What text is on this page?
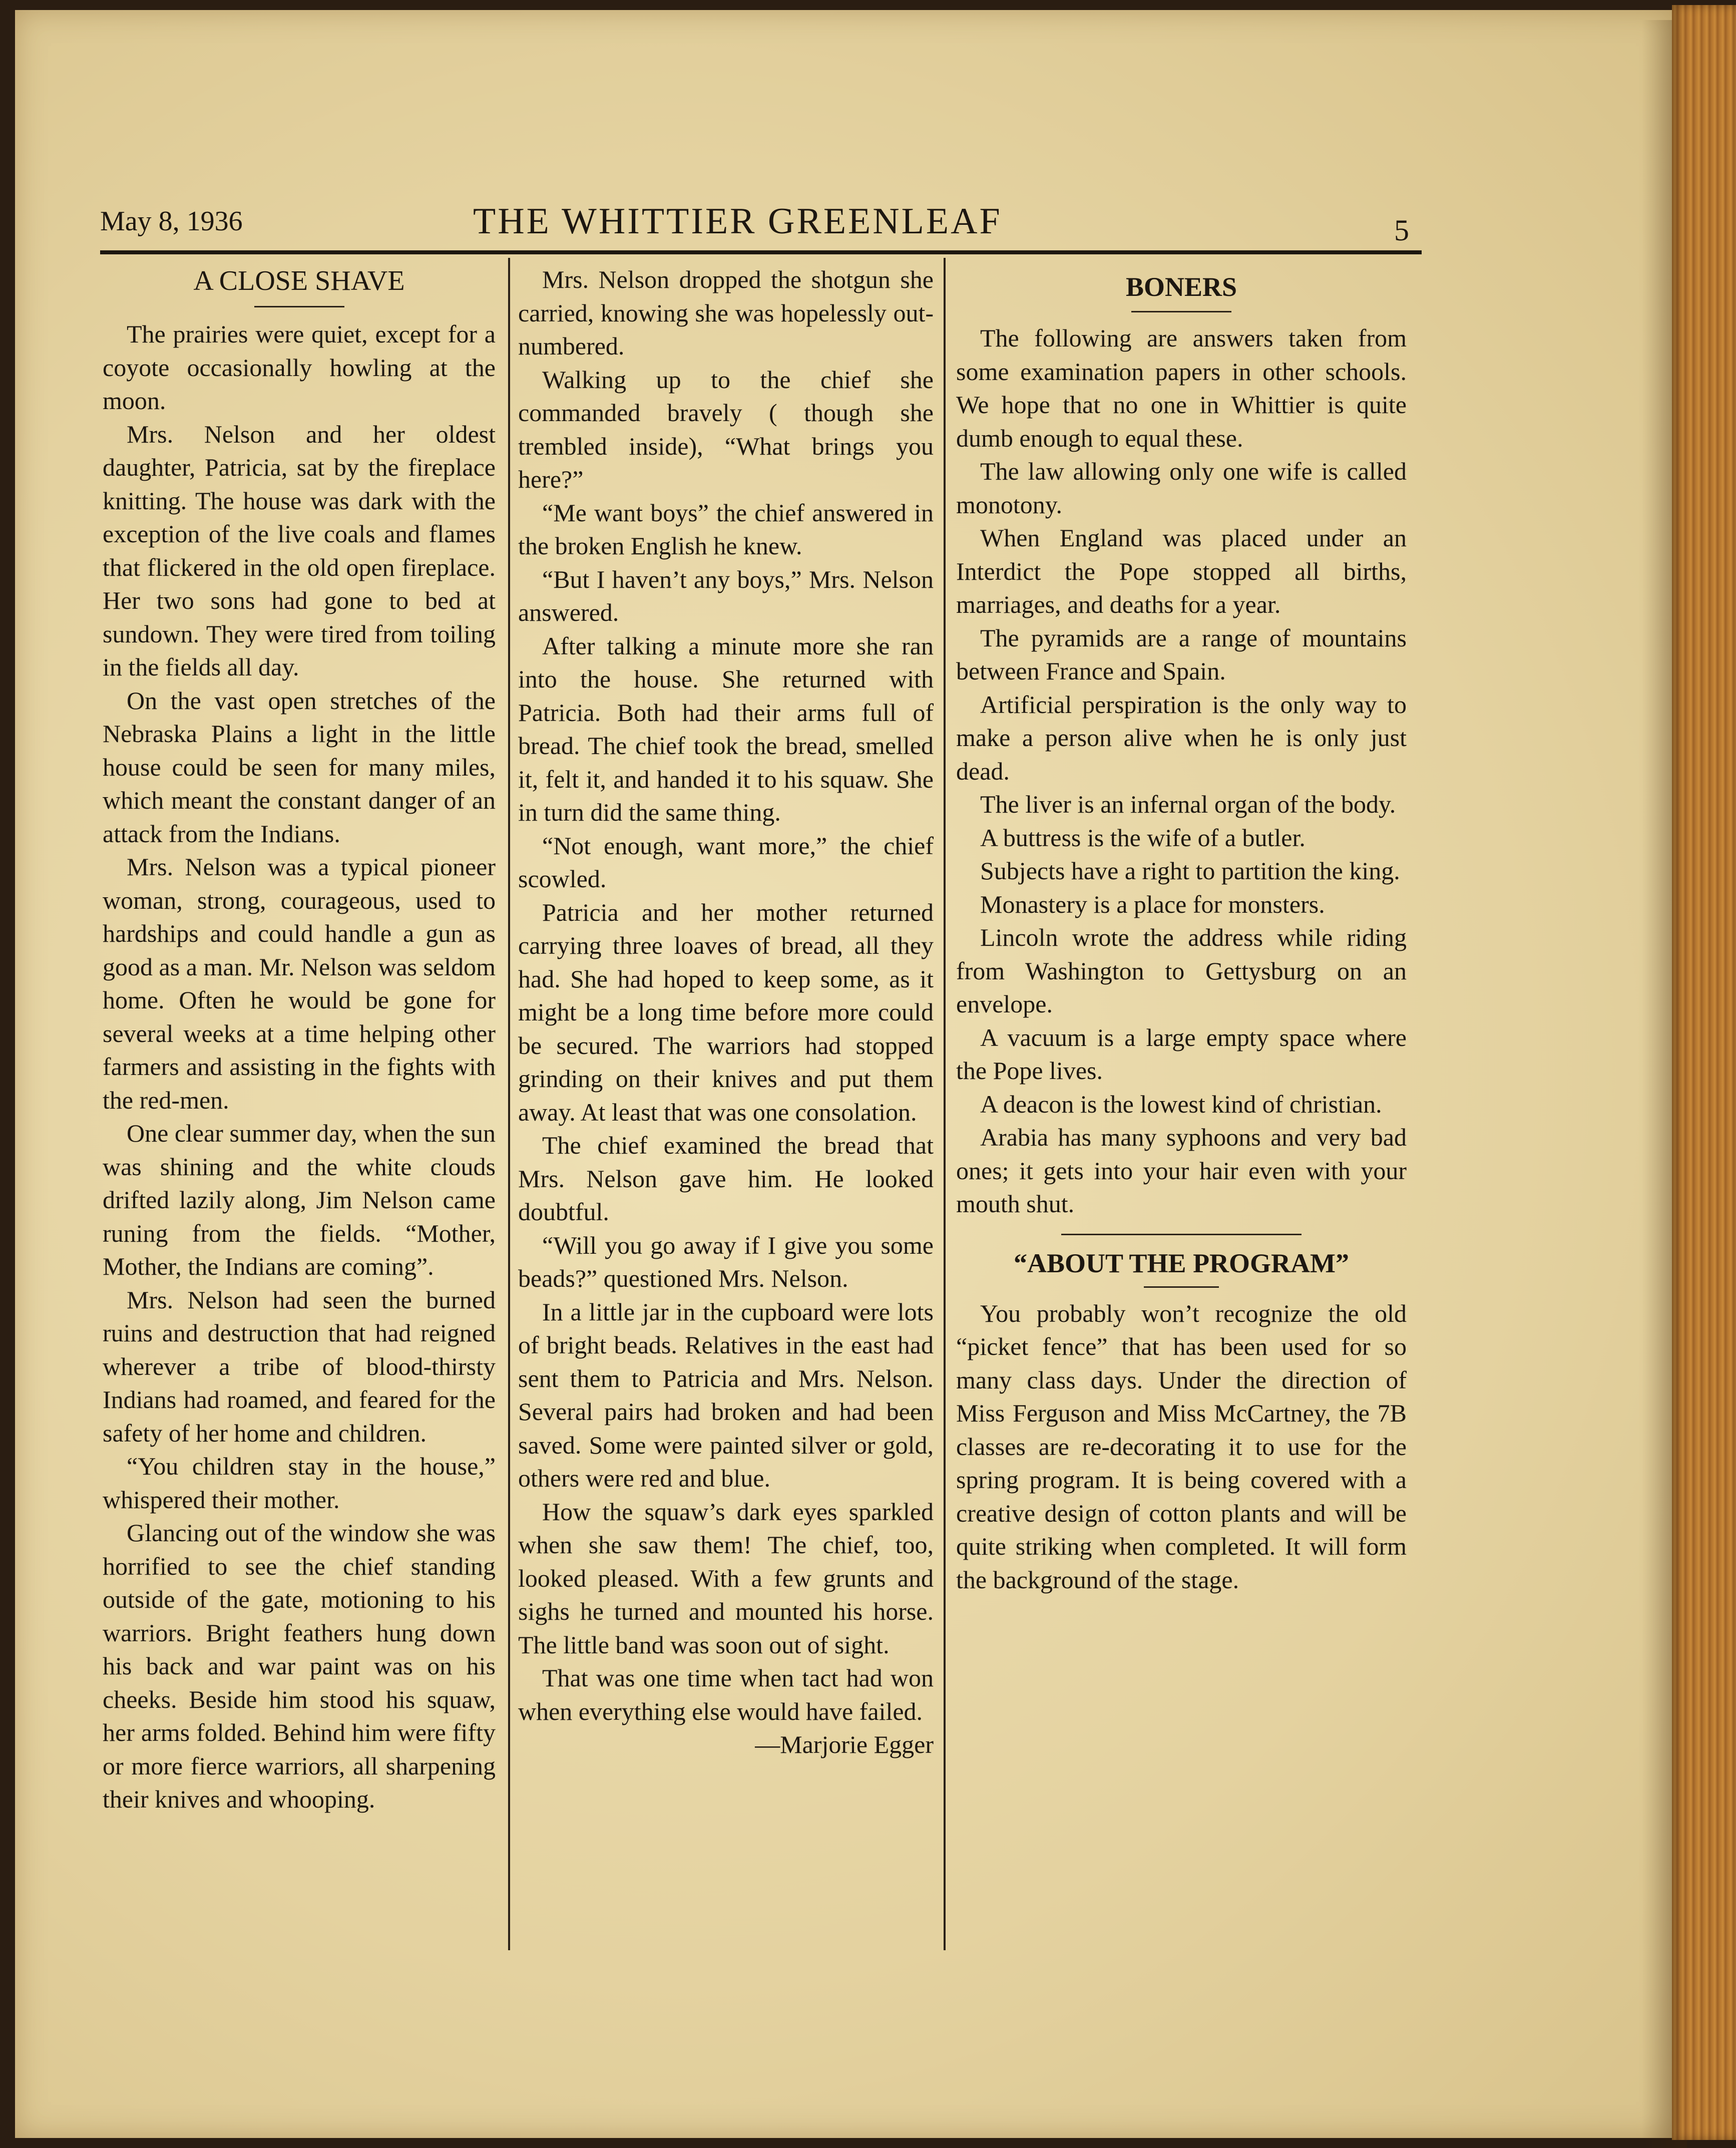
May 8, 1936	THE WHITTIER GREENLEAF	5
A CLOSE SHAVE

The prairies were quiet, except for a coyote occasionally howling at the moon.

Mrs. Nelson and her oldest daughter, Patricia, sat by the fireplace knitting. The house was dark with the exception of the live coals and flames that flickered in the old open fireplace. Her two sons had gone to bed at sundown. They were tired from toiling in the fields all day.

On the vast open stretches of the Nebraska Plains a light in the little house could be seen for many miles, which meant the constant danger of an attack from the Indians.

Mrs. Nelson was a typical pioneer woman, strong, courageous, used to hardships and could handle a gun as good as a man. Mr. Nelson was seldom home. Often he would be gone for several weeks at a time helping other farmers and assisting in the fights with the red-men.

One clear summer day, when the sun was shining and the white clouds drifted lazily along, Jim Nelson came runing from the fields. “Mother, Mother, the Indians are coming”.

Mrs. Nelson had seen the burned ruins and destruction that had reigned wherever a tribe of blood-thirsty Indians had roamed, and feared for the safety of her home and children.

“You children stay in the house,” whispered their mother.

Glancing out of the window she was horrified to see the chief standing outside of the gate, motioning to his warriors. Bright feathers hung down his back and war paint was on his cheeks. Beside him stood his squaw, her arms folded. Behind him were fifty or more fierce warriors, all sharpening their knives and whooping.

Mrs. Nelson dropped the shotgun she carried, knowing she was hopelessly out-numbered.

Walking up to the chief she commanded bravely ( though she trembled inside), “What brings you here?”

“Me want boys” the chief answered in the broken English he knew.

“But I haven’t any boys,” Mrs. Nelson answered.

After talking a minute more she ran into the house. She returned with Patricia. Both had their arms full of bread. The chief took the bread, smelled it, felt it, and handed it to his squaw. She in turn did the same thing.

“Not enough, want more,” the chief scowled.

Patricia and her mother returned carrying three loaves of bread, all they had. She had hoped to keep some, as it might be a long time before more could be secured. The warriors had stopped grinding on their knives and put them away. At least that was one consolation.

The chief examined the bread that Mrs. Nelson gave him. He looked doubtful.

“Will you go away if I give you some beads?” questioned Mrs. Nelson.

In a little jar in the cupboard were lots of bright beads. Relatives in the east had sent them to Patricia and Mrs. Nelson. Several pairs had broken and had been saved. Some were painted silver or gold, others were red and blue.

How the squaw’s dark eyes sparkled when she saw them! The chief, too, looked pleased. With a few grunts and sighs he turned and mounted his horse. The little band was soon out of sight.

That was one time when tact had won when everything else would have failed.

—Marjorie Egger

BONERS

The following are answers taken from some examination papers in other schools. We hope that no one in Whittier is quite dumb enough to equal these.

The law allowing only one wife is called monotony.

When England was placed under an Interdict the Pope stopped all births, marriages, and deaths for a year.

The pyramids are a range of mountains between France and Spain.

Artificial perspiration is the only way to make a person alive when he is only just dead.

The liver is an infernal organ of the body.

A buttress is the wife of a butler.

Subjects have a right to partition the king.

Monastery is a place for monsters.

Lincoln wrote the address while riding from Washington to Gettysburg on an envelope.

A vacuum is a large empty space where the Pope lives.

A deacon is the lowest kind of christian.

Arabia has many syphoons and very bad ones; it gets into your hair even with your mouth shut.

“ABOUT THE PROGRAM”

You probably won’t recognize the old “picket fence” that has been used for so many class days. Under the direction of Miss Ferguson and Miss McCartney, the 7B classes are re-decorating it to use for the spring program. It is being covered with a creative design of cotton plants and will be quite striking when completed. It will form the background of the stage.
